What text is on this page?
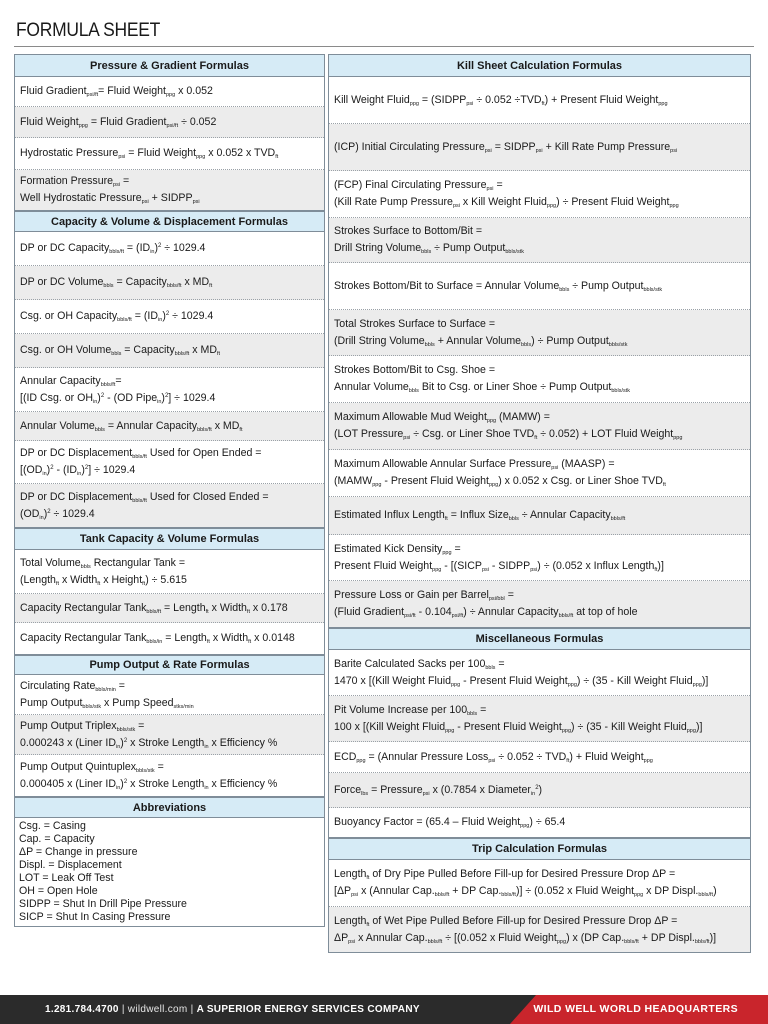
FORMULA SHEET
Pressure & Gradient Formulas
Fluid Gradient$_{psi/ft}$= Fluid Weight$_{ppg}$ x 0.052
Fluid Weight$_{ppg}$ = Fluid Gradient$_{psi/ft}$ ÷ 0.052
Hydrostatic Pressure$_{psi}$ = Fluid Weight$_{ppg}$ x 0.052 x $TVD_{ft}$
Formation Pressure$_{psi}$ =
Well Hydrostatic Pressure$_{psi}$ + $SIDPP_{psi}$
Capacity & Volume & Displacement Formulas
DP or DC Capacity$_{bbls/ft}$ = $(ID_{in})^2 \div 1029.4$
DP or DC Volume$_{bbls}$ = Capacity$_{bbls/ft}$ x $MD_{ft}$
Csg. or OH Capacity$_{bbls/ft}$ = $(ID_{in})^2 \div 1029.4$
Csg. or OH Volume$_{bbls}$ = Capacity$_{bbls/ft}$ x $MD_{ft}$
Annular Capacity$_{bbls/ft}$=
[(ID Csg. or $OH_{in})^2 - (OD$ Pipe$_{in}$)$^2$] ÷ 1029.4
Annular Volume$_{bbls}$ = Annular Capacity$_{bbls/ft}$ x $MD_{ft}$
DP or DC Displacement$_{bbls/ft}$ Used for Open Ended =
$[(OD_{in})^2 - (ID_{in})^2] \div 1029.4$
DP or DC Displacement$_{bbls/ft}$ Used for Closed Ended =
$(OD_{in})^2 \div 1029.4$
Tank Capacity & Volume Formulas
Total Volume$_{bbls}$ Rectangular Tank =
(Length$_{ft}$ x Width$_{ft}$ x Height$_{ft}$) ÷ 5.615
Capacity Rectangular Tank$_{bbls/ft}$ = Length$_{ft}$ x Width$_{ft}$ x 0.178
Capacity Rectangular Tank$_{bbls/in}$ = Length$_{ft}$ x Width$_{ft}$ x 0.0148
Pump Output & Rate Formulas
Circulating Rate$_{bbls/min}$ =
Pump Output$_{bbls/stk}$ x Pump Speed$_{stks/min}$
Pump Output Triplex$_{bbls/stk}$ =
0.000243 x (Liner $ID_{in})^2$ x Stroke Length$_{in}$ x Efficiency %
Pump Output Quintuplex$_{bbls/stk}$ =
0.000405 x (Liner $ID_{in})^2$ x Stroke Length$_{in}$ x Efficiency %
Abbreviations
Csg. = Casing
Cap. = Capacity
ΔP = Change in pressure
Displ. = Displacement
LOT = Leak Off Test
OH = Open Hole
SIDPP = Shut In Drill Pipe Pressure
SICP = Shut In Casing Pressure
Kill Sheet Calculation Formulas
Kill Weight Fluid$_{ppg}$ = $(SIDPP_{psi} \div 0.052 \div TVD_{ft})$ + Present Fluid Weight$_{ppg}$
(ICP) Initial Circulating Pressure$_{psi}$ = $SIDPP_{psi}$ + Kill Rate Pump Pressure$_{psi}$
(FCP) Final Circulating Pressure$_{psi}$ =
(Kill Rate Pump Pressure$_{psi}$ x Kill Weight Fluid$_{ppg}$) ÷ Present Fluid Weight$_{ppg}$
Strokes Surface to Bottom/Bit =
Drill String Volume$_{bbls}$ ÷ Pump Output$_{bbls/stk}$
Strokes Bottom/Bit to Surface = Annular Volume$_{bbls}$ ÷ Pump Output$_{bbls/stk}$
Total Strokes Surface to Surface =
(Drill String Volume$_{bbls}$ + Annular Volume$_{bbls}$) ÷ Pump Output$_{bbls/stk}$
Strokes Bottom/Bit to Csg. Shoe =
Annular Volume$_{bbls}$ Bit to Csg. or Liner Shoe ÷ Pump Output$_{bbls/stk}$
Maximum Allowable Mud Weight$_{ppg}$ (MAMW) =
(LOT Pressure$_{psi}$ ÷ Csg. or Liner Shoe $TVD_{ft} \div 0.052$) + LOT Fluid Weight$_{ppg}$
Maximum Allowable Annular Surface Pressure$_{psi}$ (MAASP) =
($MAMW_{ppg}$ - Present Fluid Weight$_{ppg}$) x 0.052 x Csg. or Liner Shoe $TVD_{ft}$
Estimated Influx Length$_{ft}$ = Influx Size$_{bbls}$ ÷ Annular Capacity$_{bbls/ft}$
Estimated Kick Density$_{ppg}$ =
Present Fluid Weight$_{ppg}$ - [($SICP_{psi}$ - $SIDPP_{psi}) \div (0.052$ x Influx Length$_{ft}$)]
Pressure Loss or Gain per Barrel$_{psi/bbl}$ =
(Fluid Gradient$_{psi/ft}$ - $0.104_{psi/ft}$) ÷ Annular Capacity$_{bbls/ft}$ at top of hole
Miscellaneous Formulas
Barite Calculated Sacks per $100_{bbls}$ =
1470 x [(Kill Weight Fluid$_{ppg}$ - Present Fluid Weight$_{ppg}$) ÷ (35 - Kill Weight Fluid$_{ppg}$)]
Pit Volume Increase per $100_{bbls}$ =
100 x [(Kill Weight Fluid$_{ppg}$ - Present Fluid Weight$_{ppg}$) ÷ (35 - Kill Weight Fluid$_{ppg}$)]
$ECD_{ppg}$ = (Annular Pressure Loss$_{psi}$ ÷ $0.052 \div TVD_{ft}$) + Fluid Weight$_{ppg}$
Force$_{lbs}$ = Pressure$_{psi}$ x (0.7854 x Diameter$_{in}^2$)
Buoyancy Factor = (65.4 – Fluid Weight$_{ppg}$) ÷ 65.4
Trip Calculation Formulas
Length$_{ft}$ of Dry Pipe Pulled Before Fill-up for Desired Pressure Drop ΔP =
[$\Delta P_{psi}$ x (Annular $Cap._{bbls/ft}$ + DP $Cap._{bbls/ft})] \div (0.052$ x Fluid Weight$_{ppg}$ x DP $Displ._{bbls/ft}$)
Length$_{ft}$ of Wet Pipe Pulled Before Fill-up for Desired Pressure Drop ΔP =
$\Delta P_{psi}$ x Annular $Cap._{bbls/ft} \div [(0.052$ x Fluid Weight$_{ppg}$) x (DP $Cap._{bbls/ft}$ + DP $Displ._{bbls/ft}$)]
1.281.784.4700 | wildwell.com | A SUPERIOR ENERGY SERVICES COMPANY	WILD WELL WORLD HEADQUARTERS
